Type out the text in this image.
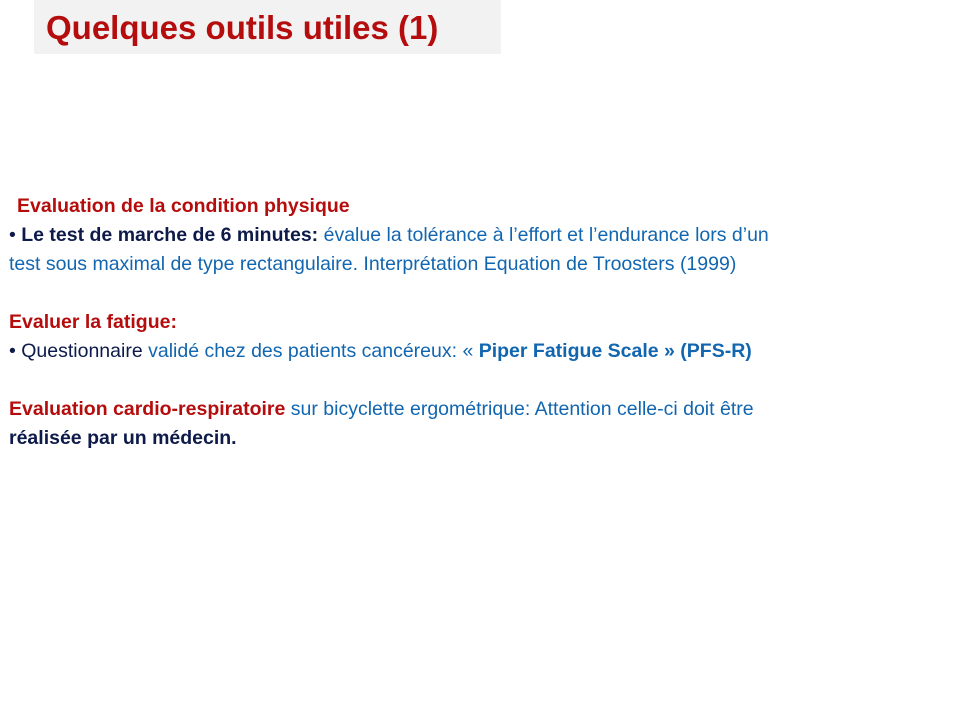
Quelques outils utiles (1)
Evaluation de la condition physique
• Le test de marche de 6 minutes: évalue la tolérance à l’effort et l’endurance lors d’un
test sous maximal de type rectangulaire. Interprétation Equation de Troosters (1999)
Evaluer la fatigue:
• Questionnaire validé chez des patients cancéreux: « Piper Fatigue Scale » (PFS-R)
Evaluation cardio-respiratoire sur bicyclette ergométrique: Attention celle-ci doit être
réalisée par un médecin.
